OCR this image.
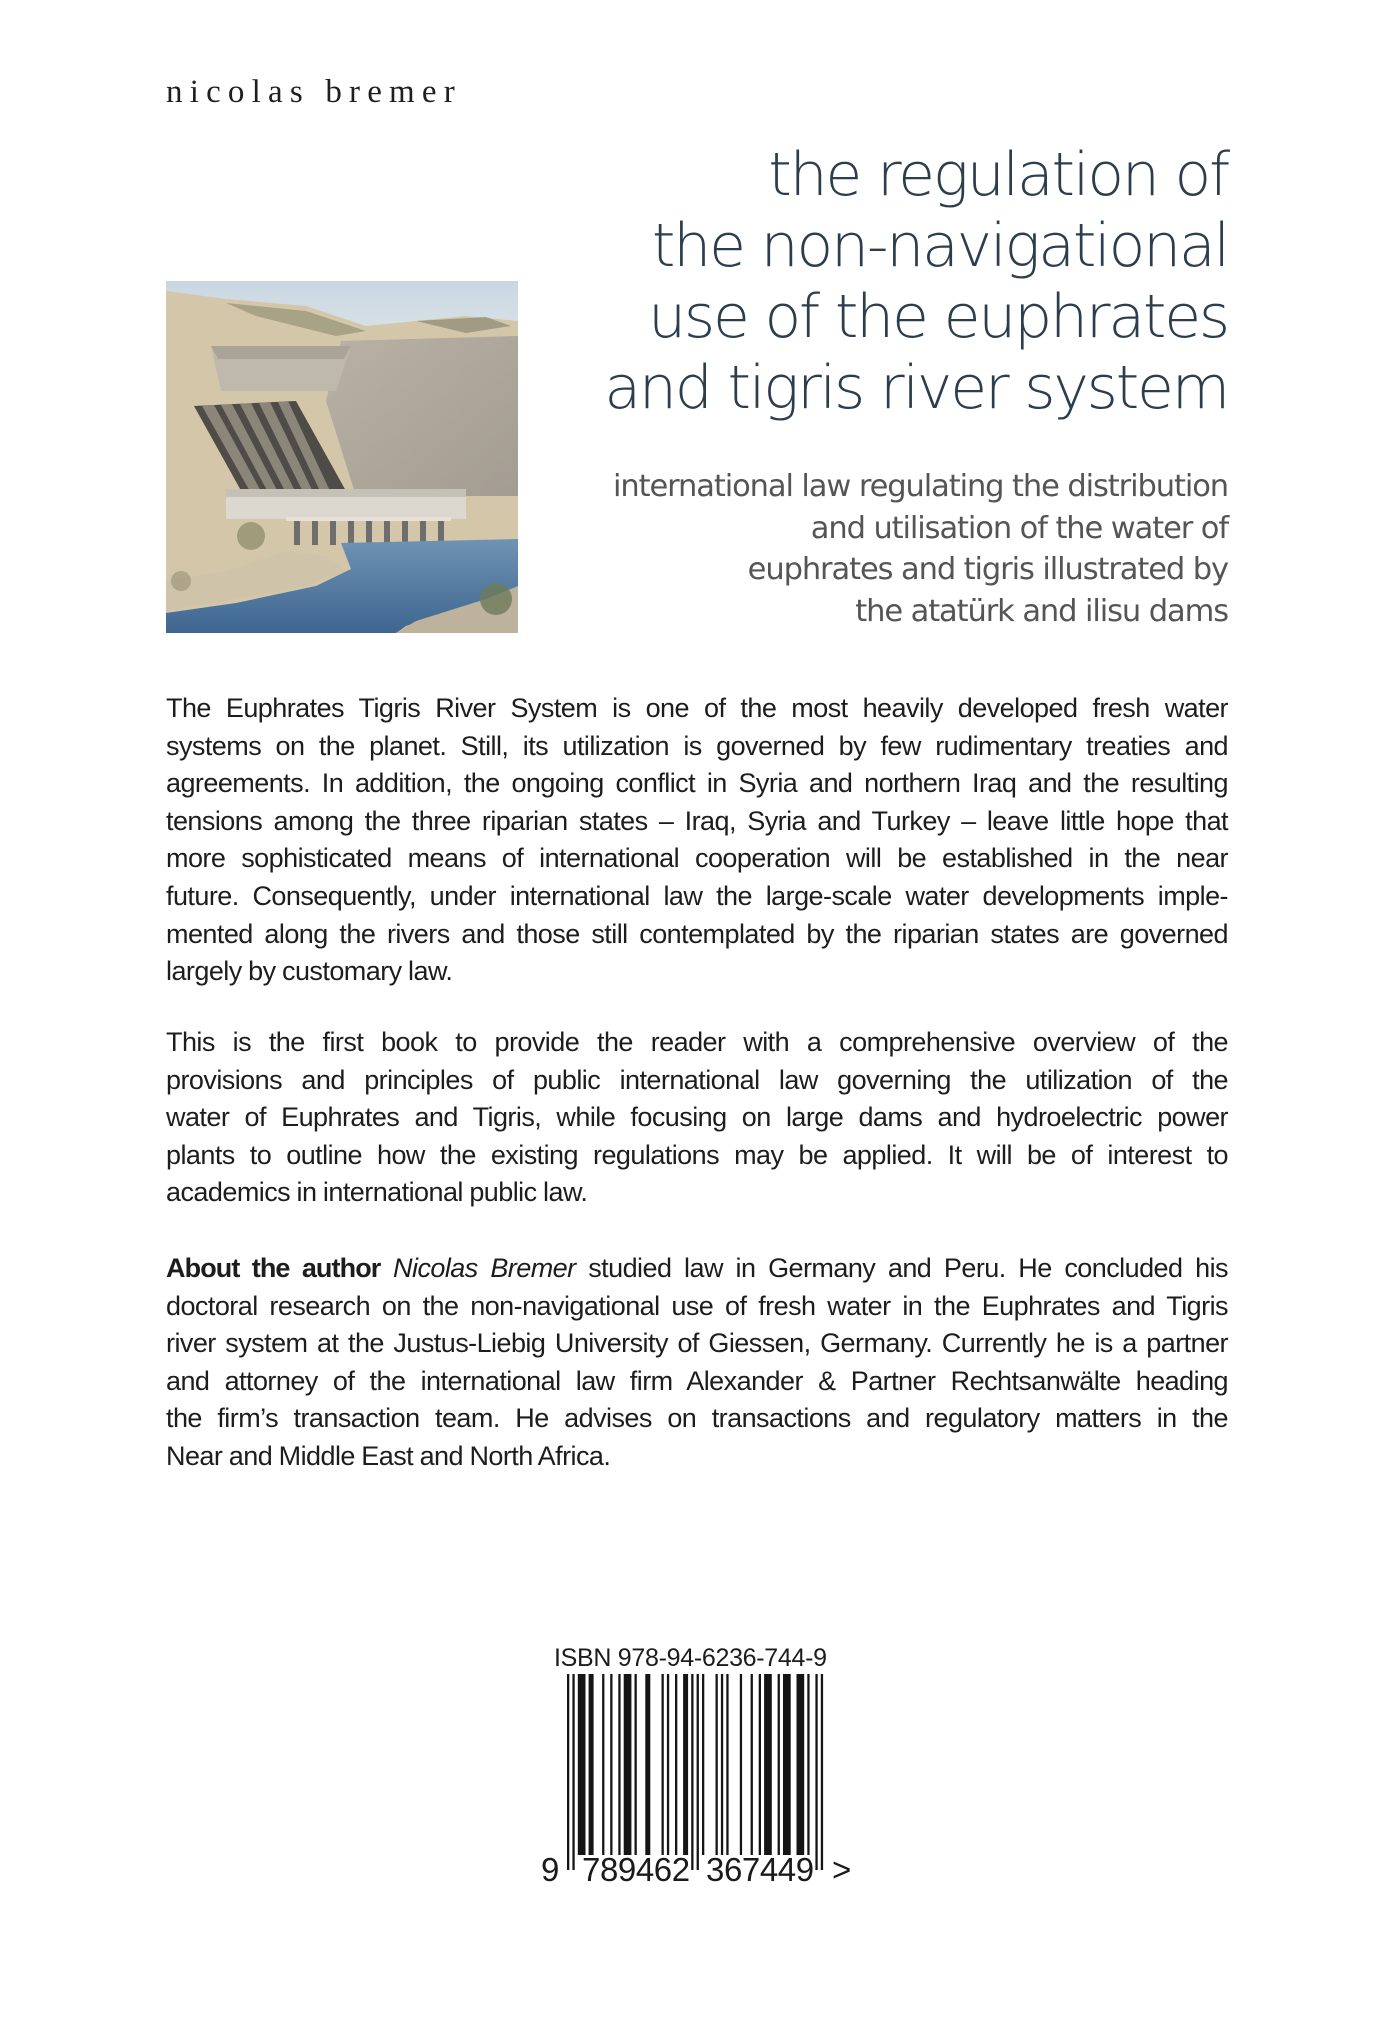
nicolas bremer
the regulation of
the non-navigational
use of the euphrates
and tigris river system
international law regulating the distribution
and utilisation of the water of
euphrates and tigris illustrated by
the atatürk and ilisu dams
The Euphrates Tigris River System is one of the most heavily developed fresh water
systems on the planet. Still, its utilization is governed by few rudimentary treaties and
agreements. In addition, the ongoing conflict in Syria and northern Iraq and the resulting
tensions among the three riparian states – Iraq, Syria and Turkey – leave little hope that
more sophisticated means of international cooperation will be established in the near
future. Consequently, under international law the large-scale water developments imple-
mented along the rivers and those still contemplated by the riparian states are governed
largely by customary law.
This is the first book to provide the reader with a comprehensive overview of the
provisions and principles of public international law governing the utilization of the
water of Euphrates and Tigris, while focusing on large dams and hydroelectric power
plants to outline how the existing regulations may be applied. It will be of interest to
academics in international public law.
About the author Nicolas Bremer studied law in Germany and Peru. He concluded his
doctoral research on the non-navigational use of fresh water in the Euphrates and Tigris
river system at the Justus-Liebig University of Giessen, Germany. Currently he is a partner
and attorney of the international law firm Alexander & Partner Rechtsanwälte heading
the firm’s transaction team. He advises on transactions and regulatory matters in the
Near and Middle East and North Africa.
ISBN 978-94-6236-744-9
9 789462 367449 >
